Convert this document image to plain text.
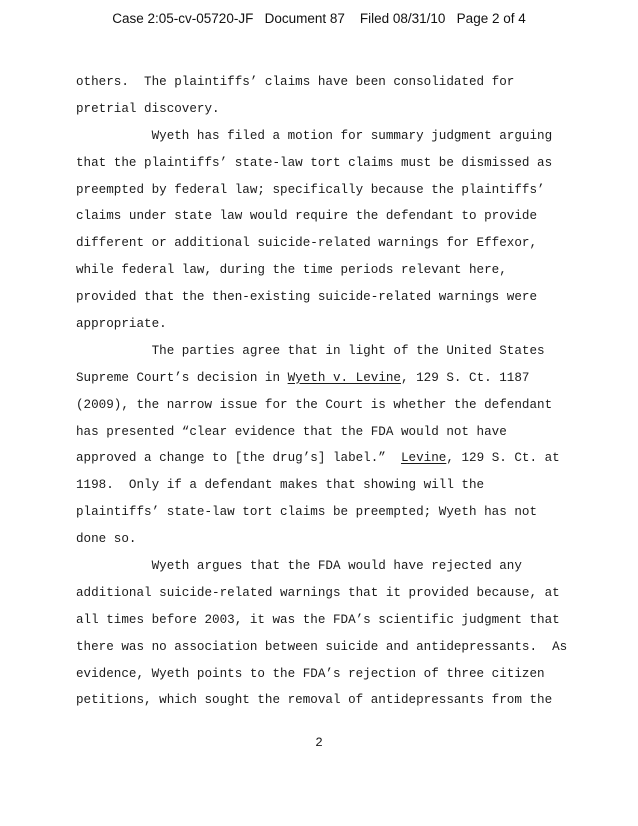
Case 2:05-cv-05720-JF   Document 87    Filed 08/31/10   Page 2 of 4
others.  The plaintiffs’ claims have been consolidated for
pretrial discovery.
Wyeth has filed a motion for summary judgment arguing
that the plaintiffs’ state-law tort claims must be dismissed as
preempted by federal law; specifically because the plaintiffs’
claims under state law would require the defendant to provide
different or additional suicide-related warnings for Effexor,
while federal law, during the time periods relevant here,
provided that the then-existing suicide-related warnings were
appropriate.
The parties agree that in light of the United States
Supreme Court’s decision in Wyeth v. Levine, 129 S. Ct. 1187
(2009), the narrow issue for the Court is whether the defendant
has presented “clear evidence that the FDA would not have
approved a change to [the drug’s] label.”  Levine, 129 S. Ct. at
1198.  Only if a defendant makes that showing will the
plaintiffs’ state-law tort claims be preempted; Wyeth has not
done so.
Wyeth argues that the FDA would have rejected any
additional suicide-related warnings that it provided because, at
all times before 2003, it was the FDA’s scientific judgment that
there was no association between suicide and antidepressants.  As
evidence, Wyeth points to the FDA’s rejection of three citizen
petitions, which sought the removal of antidepressants from the
2
